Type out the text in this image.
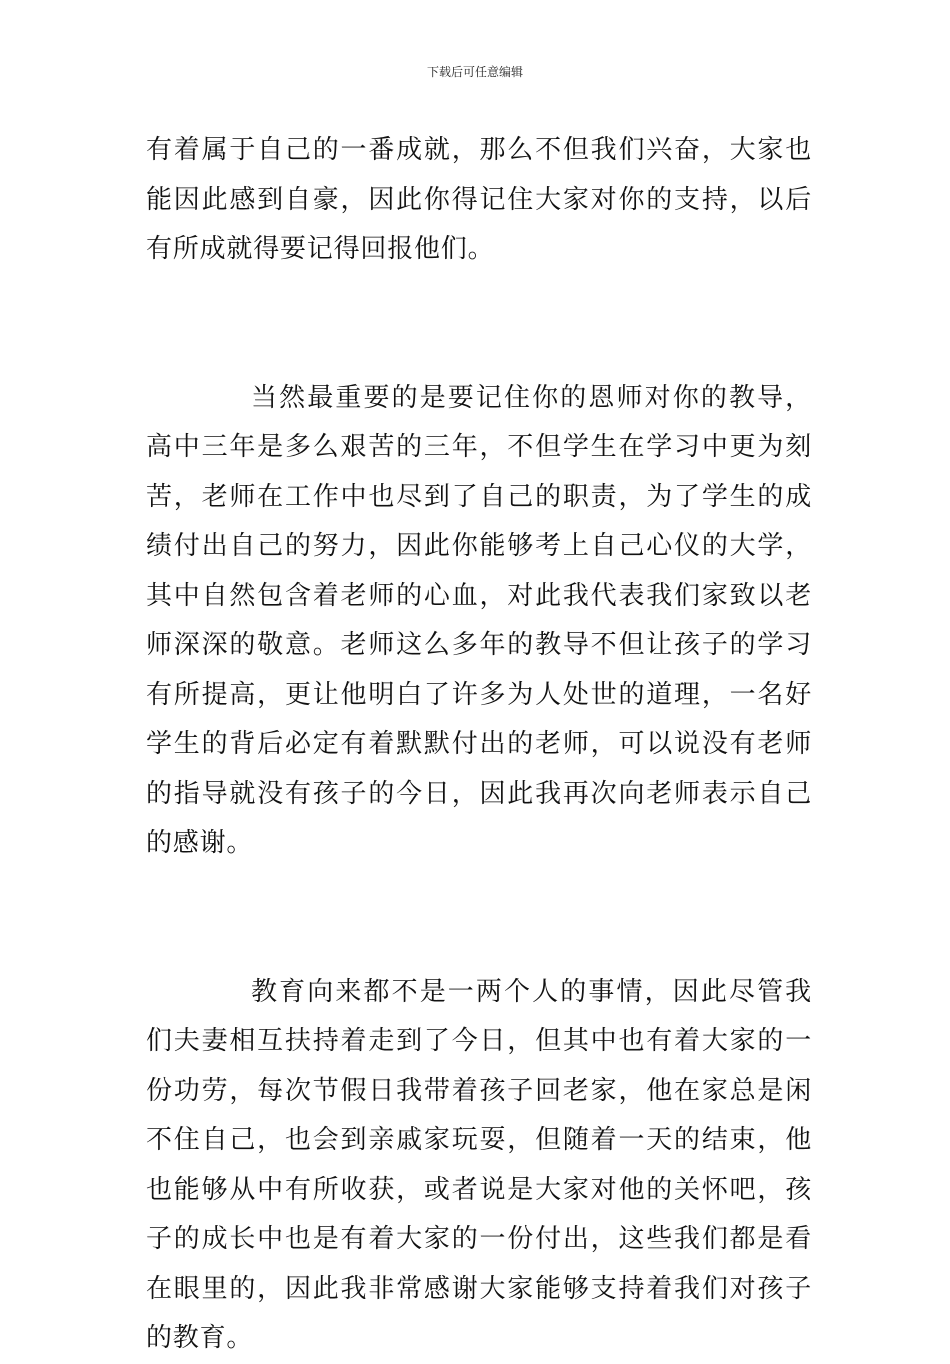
下载后可任意编辑

有着属于自己的一番成就，那么不但我们兴奋，大家也能因此感到自豪，因此你得记住大家对你的支持，以后有所成就得要记得回报他们。

当然最重要的是要记住你的恩师对你的教导，高中三年是多么艰苦的三年，不但学生在学习中更为刻苦，老师在工作中也尽到了自己的职责，为了学生的成绩付出自己的努力，因此你能够考上自己心仪的大学，其中自然包含着老师的心血，对此我代表我们家致以老师深深的敬意。老师这么多年的教导不但让孩子的学习有所提高，更让他明白了许多为人处世的道理，一名好学生的背后必定有着默默付出的老师，可以说没有老师的指导就没有孩子的今日，因此我再次向老师表示自己的感谢。

教育向来都不是一两个人的事情，因此尽管我们夫妻相互扶持着走到了今日，但其中也有着大家的一份功劳，每次节假日我带着孩子回老家，他在家总是闲不住自己，也会到亲戚家玩耍，但随着一天的结束，他也能够从中有所收获，或者说是大家对他的关怀吧，孩子的成长中也是有着大家的一份付出，这些我们都是看在眼里的，因此我非常感谢大家能够支持着我们对孩子的教育。
